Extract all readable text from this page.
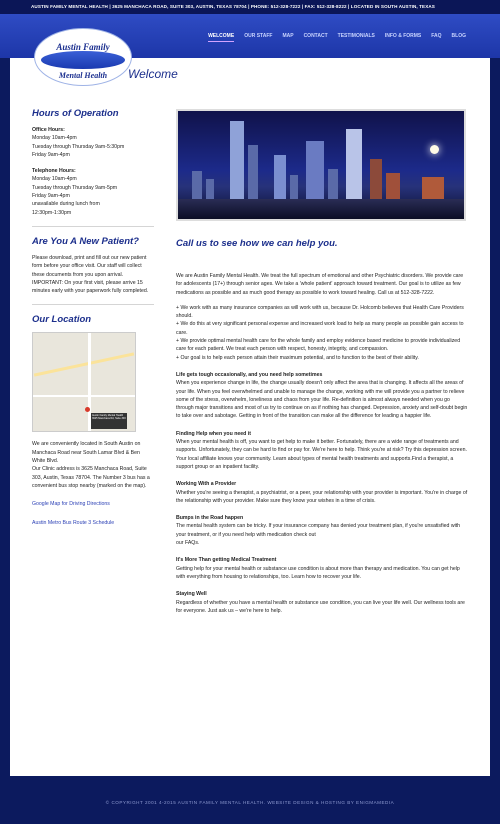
AUSTIN FAMILY MENTAL HEALTH | 3625 MANCHACA ROAD, SUITE 303, AUSTIN, TEXAS 78704 | PHONE: 512-328-7222 | FAX: 512-328-8222 | LOCATED IN SOUTH AUSTIN, TEXAS
Austin Family
Mental Health
WELCOME OUR STAFF MAP CONTACT TESTIMONIALS INFO & FORMS FAQ BLOG
Welcome
Hours of Operation
Office Hours:
Monday 10am-4pm
Tuesday through Thursday 9am-5:30pm
Friday 9am-4pm
Telephone Hours:
Monday 10am-4pm
Tuesday through Thursday 9am-5pm
Friday 9am-4pm
unavailable during lunch from
12:30pm-1:30pm
Are You A New Patient?

Please download, print and fill out our new patient form before your office visit. Our staff will collect these documents from you upon arrival.

IMPORTANT: On your first visit, please arrive 15 minutes early with your paperwork fully completed.

Our Location
Austin Family Mental Health 3625 Manchaca Rd, Suite 303

We are conveniently located in South Austin on Manchaca Road near South Lamar Blvd & Ben White Blvd.

Our Clinic address is 3625 Manchaca Road, Suite 303, Austin, Texas 78704. The Number 3 bus has a convenient bus stop nearby (marked on the map).

Google Map for Driving Directions
Austin Metro Bus Route 3 Schedule
Call us to see how we can help you.

We are Austin Family Mental Health. We treat the full spectrum of emotional and other Psychiatric disorders. We provide care for adolescents (17+) through senior ages. We take a 'whole patient' approach toward treatment. Our goal is to utilize as few medications as possible and as much good therapy as possible to work toward healing. Call us at 512-328-7222.

+ We work with as many insurance companies as will work with us, because Dr. Holcomb believes that Health Care Providers should.
+ We do this at very significant personal expense and increased work load to help as many people as possible gain access to care.
+ We provide optimal mental health care for the whole family and employ evidence based medicine to provide individualized care for each patient. We treat each person with respect, honesty, integrity, and compassion.
+ Our goal is to help each person attain their maximum potential, and to function to the best of their ability.
Life gets tough occasionally, and you need help sometimes

When you experience change in life, the change usually doesn't only affect the area that is changing. It affects all the areas of your life. When you feel overwhelmed and unable to manage the change, working with me will provide you a partner to relieve some of the stress, overwhelm, loneliness and chaos from your life. Re-definition is almost always needed when you go through major transitions and most of us try to continue on as if nothing has changed. Depression, anxiety and self-doubt begin to take over and sabotage. Getting in front of the transition can make all the difference for leading a happier life.

Finding Help when you need it

When your mental health is off, you want to get help to make it better. Fortunately, there are a wide range of treatments and supports. Unfortunately, they can be hard to find or pay for. We're here to help. Think you're at risk? Try this depression screen. Your local affiliate knows your community. Learn about types of mental health treatments and supports.Find a therapist, a support group or an inpatient facility.

Working With a Provider

Whether you're seeing a therapist, a psychiatrist, or a peer, your relationship with your provider is important. You're in charge of the relationship with your provider. Make sure they know your wishes in a time of crisis.

Bumps in the Road happen
The mental health system can be tricky. If your insurance company has denied your treatment plan, if you're unsatisfied with your treatment, or if you need help with medication check out

our FAQs.

It's More Than getting Medical Treatment

Getting help for your mental health or substance use condition is about more than therapy and medication. You can get help with everything from housing to relationships, too. Learn how to recover your life.

Staying Well

Regardless of whether you have a mental health or substance use condition, you can live your life well. Our wellness tools are for everyone. Just ask us – we're here to help.

© COPYRIGHT 2001 4-2015 AUSTIN FAMILY MENTAL HEALTH. WEBSITE DESIGN & HOSTING BY ENIGMAMEDIA
